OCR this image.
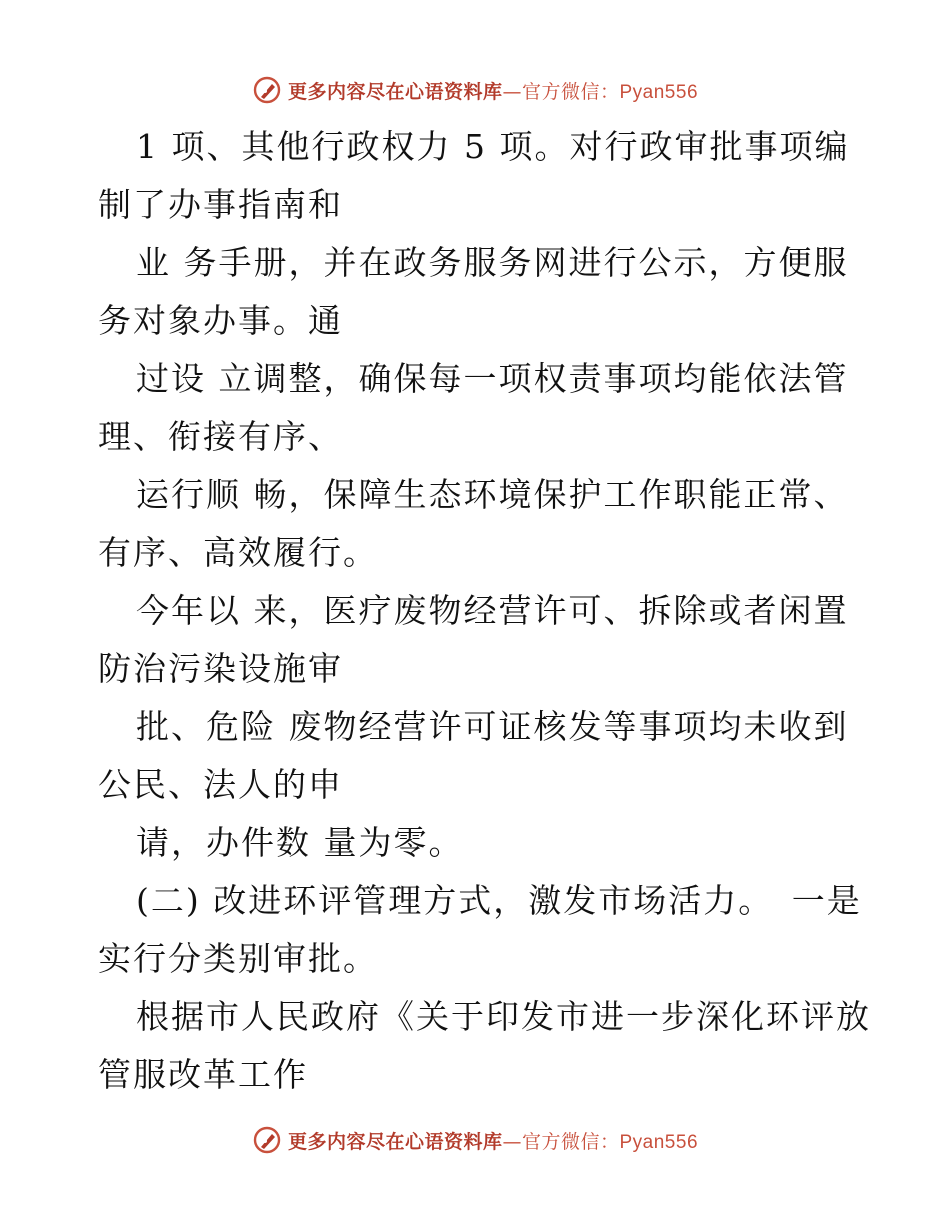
更多内容尽在心语资料库—官方微信：Pyan556
1 项、其他行政权力 5 项。对行政审批事项编
制了办事指南和
业 务手册，并在政务服务网进行公示，方便服
务对象办事。通
过设 立调整，确保每一项权责事项均能依法管
理、衔接有序、
运行顺 畅，保障生态环境保护工作职能正常、
有序、高效履行。
今年以 来，医疗废物经营许可、拆除或者闲置
防治污染设施审
批、危险 废物经营许可证核发等事项均未收到
公民、法人的申
请，办件数 量为零。
(二) 改进环评管理方式，激发市场活力。　一是
实行分类别审批。
根据市人民政府《关于印发市进一步深化环评放
管服改革工作
更多内容尽在心语资料库—官方微信：Pyan556
